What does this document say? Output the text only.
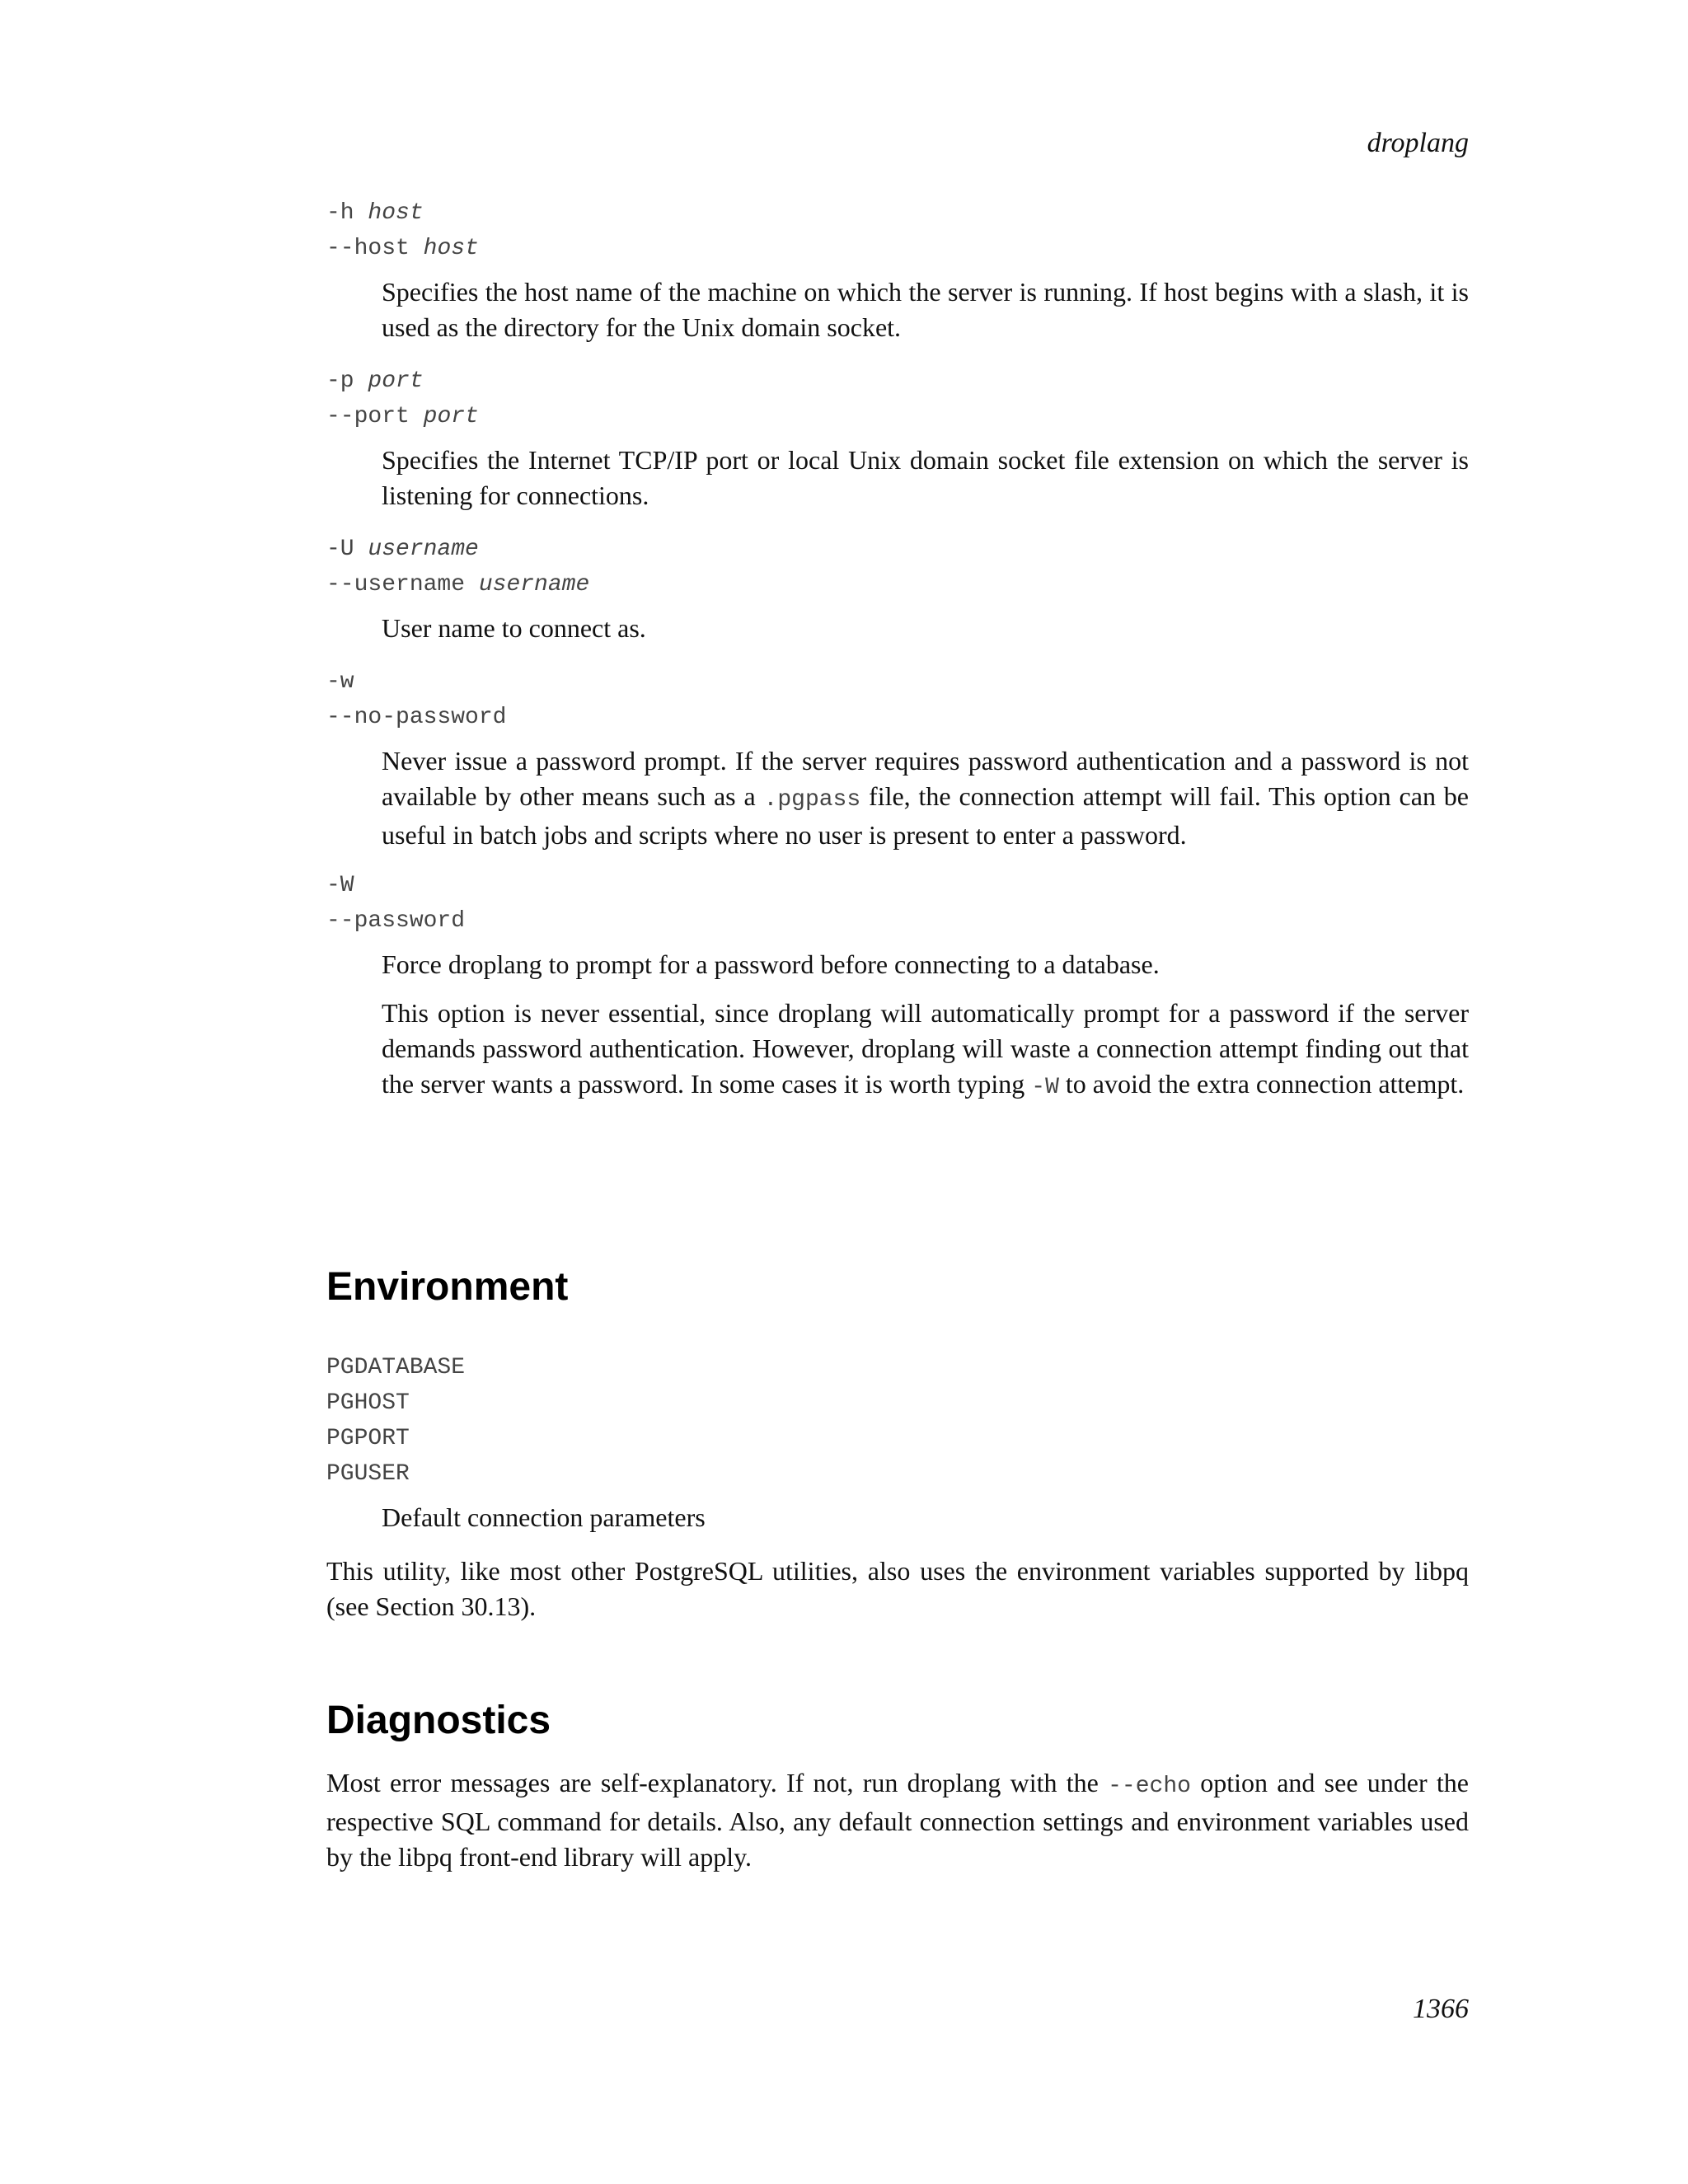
droplang
-h host
--host host
Specifies the host name of the machine on which the server is running. If host begins with a slash, it is used as the directory for the Unix domain socket.
-p port
--port port
Specifies the Internet TCP/IP port or local Unix domain socket file extension on which the server is listening for connections.
-U username
--username username
User name to connect as.
-w
--no-password
Never issue a password prompt. If the server requires password authentication and a password is not available by other means such as a .pgpass file, the connection attempt will fail. This option can be useful in batch jobs and scripts where no user is present to enter a password.
-W
--password
Force droplang to prompt for a password before connecting to a database.
This option is never essential, since droplang will automatically prompt for a password if the server demands password authentication. However, droplang will waste a connection attempt finding out that the server wants a password. In some cases it is worth typing -W to avoid the extra connection attempt.
Environment
PGDATABASE
PGHOST
PGPORT
PGUSER
Default connection parameters
This utility, like most other PostgreSQL utilities, also uses the environment variables supported by libpq (see Section 30.13).
Diagnostics
Most error messages are self-explanatory. If not, run droplang with the --echo option and see under the respective SQL command for details. Also, any default connection settings and environment variables used by the libpq front-end library will apply.
1366
